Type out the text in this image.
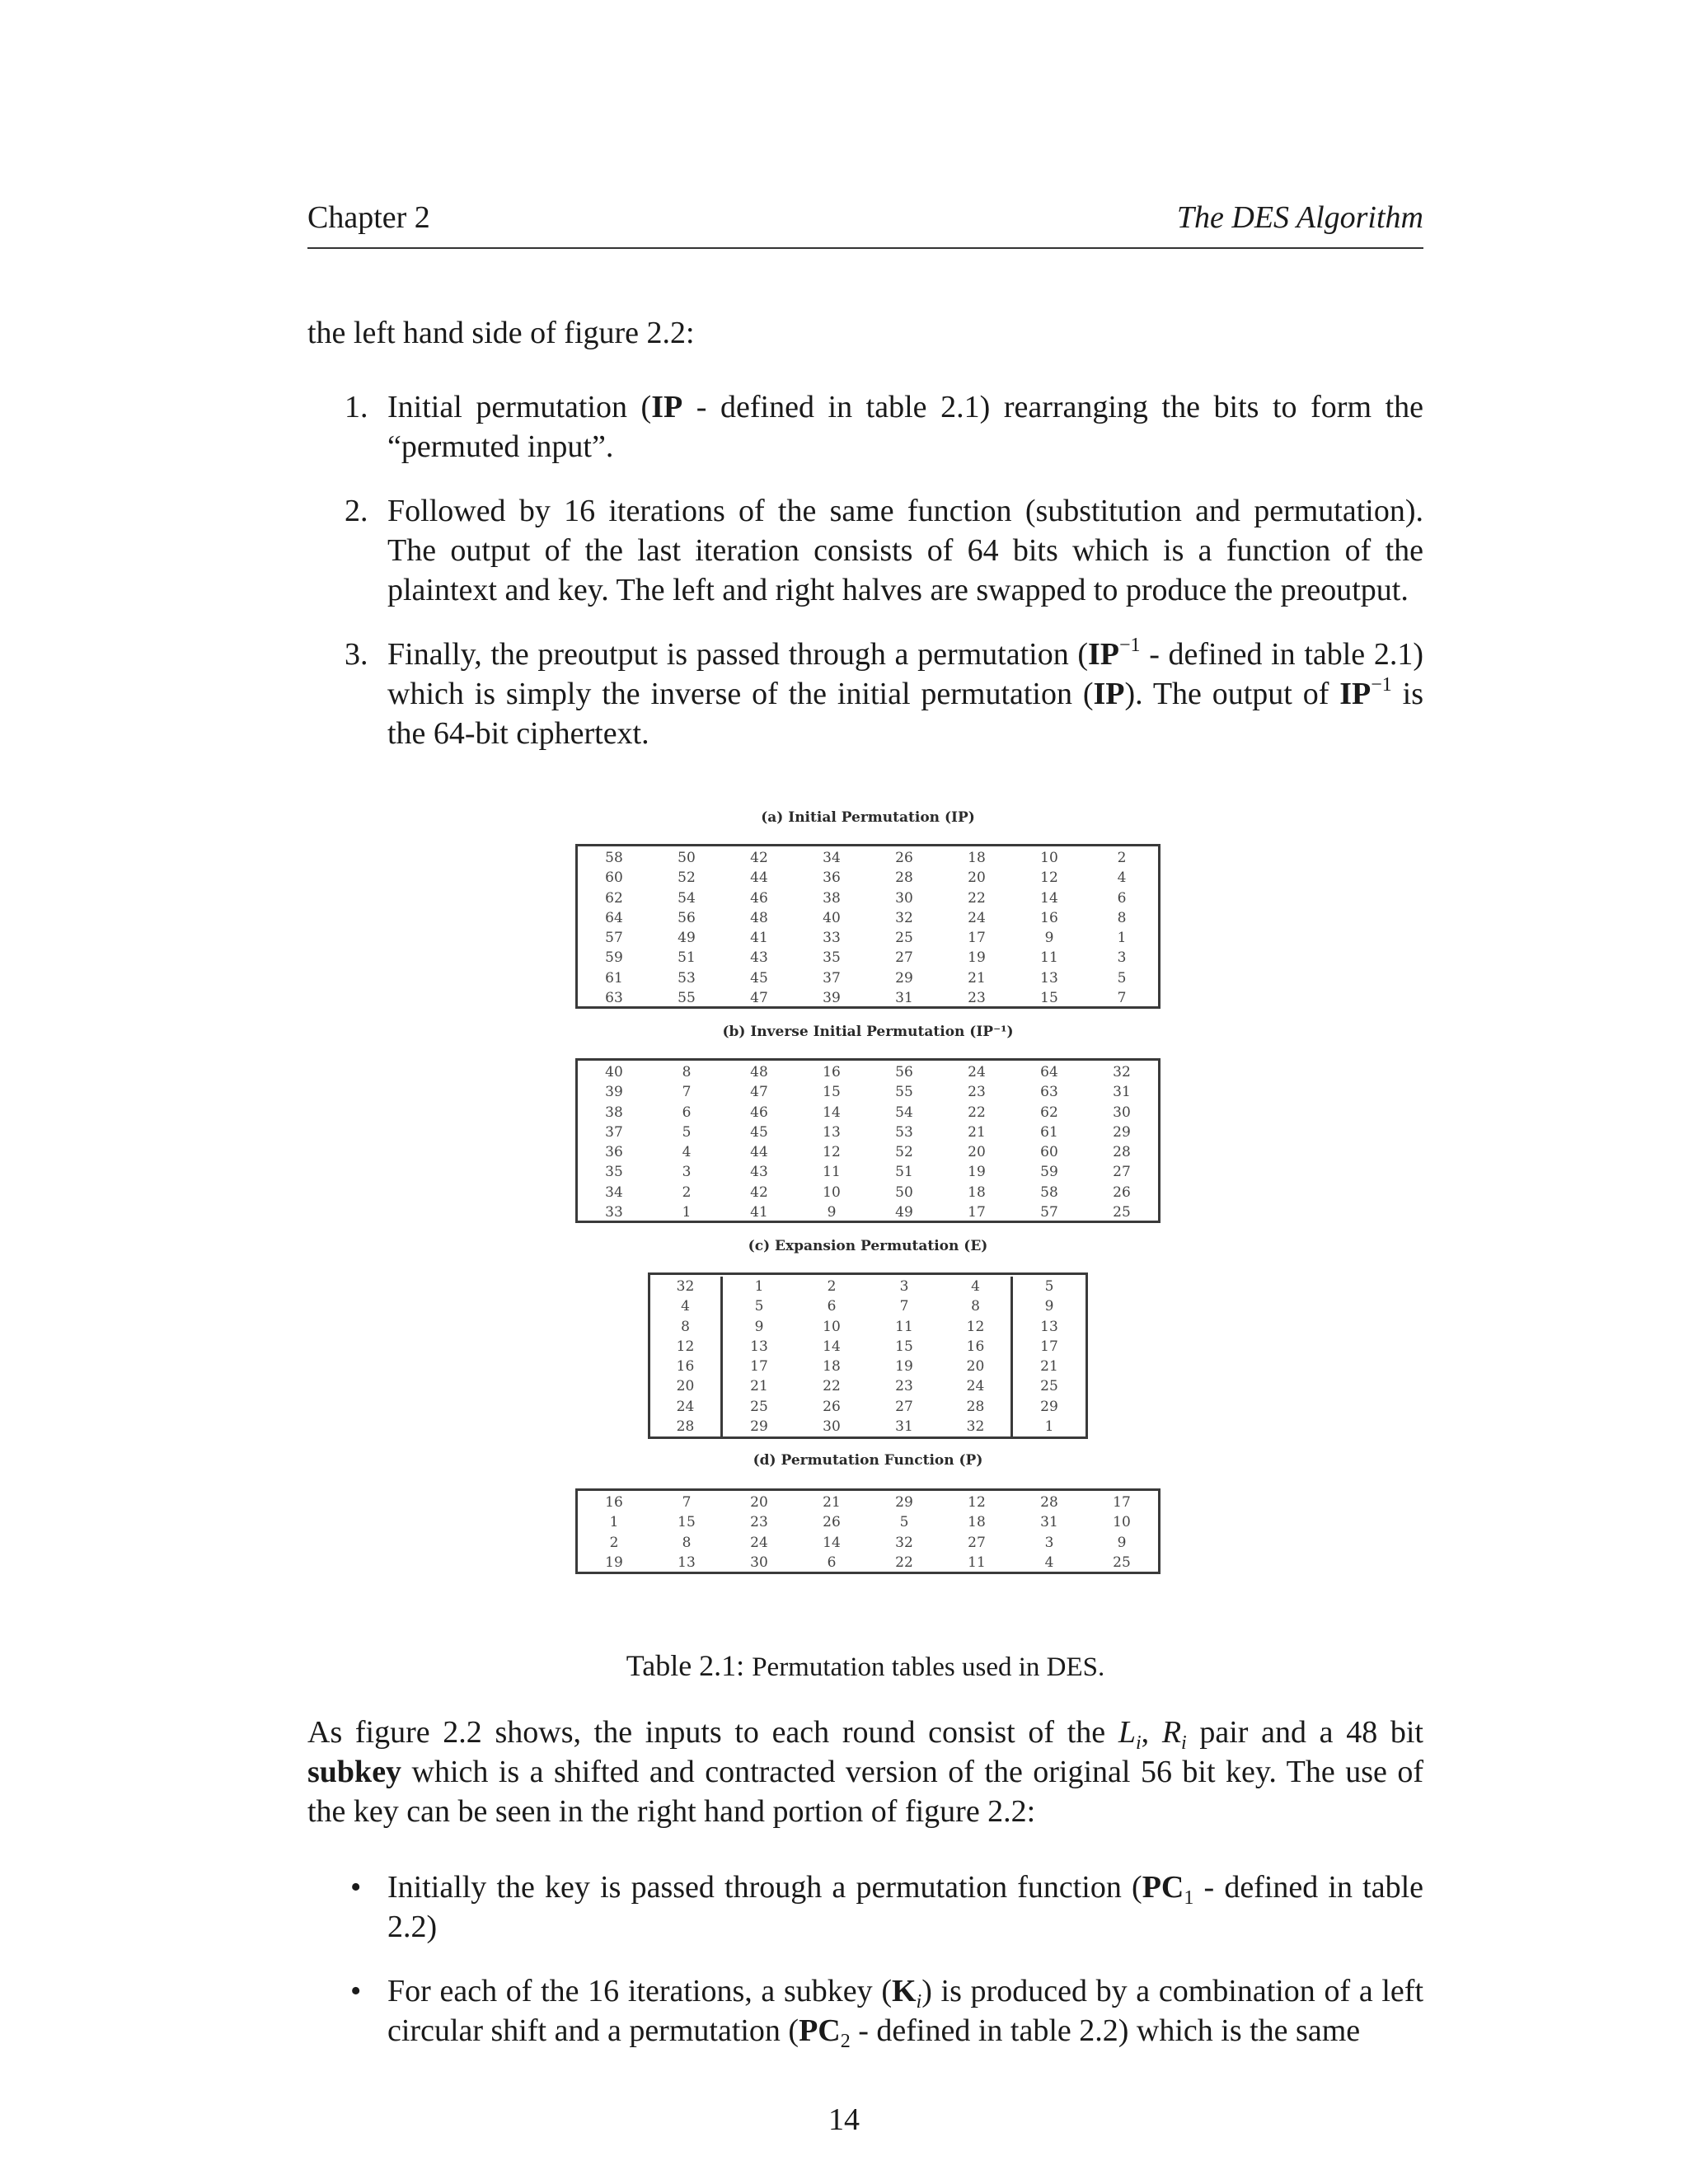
Chapter 2	The DES Algorithm
the left hand side of figure 2.2:
1. Initial permutation (IP - defined in table 2.1) rearranging the bits to form the “permuted input”.
2. Followed by 16 iterations of the same function (substitution and permutation). The output of the last iteration consists of 64 bits which is a function of the plaintext and key. The left and right halves are swapped to produce the preoutput.
3. Finally, the preoutput is passed through a permutation ($IP^{-1}$ - defined in table 2.1) which is simply the inverse of the initial permutation (IP). The output of $IP^{-1}$ is the 64-bit ciphertext.
(a) Initial Permutation (IP)
58	50	42	34	26	18	10	2
60	52	44	36	28	20	12	4
62	54	46	38	30	22	14	6
64	56	48	40	32	24	16	8
57	49	41	33	25	17	9	1
59	51	43	35	27	19	11	3
61	53	45	37	29	21	13	5
63	55	47	39	31	23	15	7
(b) Inverse Initial Permutation (IP⁻¹)
40	8	48	16	56	24	64	32
39	7	47	15	55	23	63	31
38	6	46	14	54	22	62	30
37	5	45	13	53	21	61	29
36	4	44	12	52	20	60	28
35	3	43	11	51	19	59	27
34	2	42	10	50	18	58	26
33	1	41	9	49	17	57	25
(c) Expansion Permutation (E)
32	1	2	3	4	5
4	5	6	7	8	9
8	9	10	11	12	13
12	13	14	15	16	17
16	17	18	19	20	21
20	21	22	23	24	25
24	25	26	27	28	29
28	29	30	31	32	1
(d) Permutation Function (P)
16	7	20	21	29	12	28	17
1	15	23	26	5	18	31	10
2	8	24	14	32	27	3	9
19	13	30	6	22	11	4	25
Table 2.1: Permutation tables used in DES.
As figure 2.2 shows, the inputs to each round consist of the $L_i$, $R_i$ pair and a 48 bit subkey which is a shifted and contracted version of the original 56 bit key. The use of the key can be seen in the right hand portion of figure 2.2:
• Initially the key is passed through a permutation function ($PC_1$ - defined in table 2.2)
• For each of the 16 iterations, a subkey $(K_i)$ is produced by a combination of a left circular shift and a permutation ($PC_2$ - defined in table 2.2) which is the same
14
